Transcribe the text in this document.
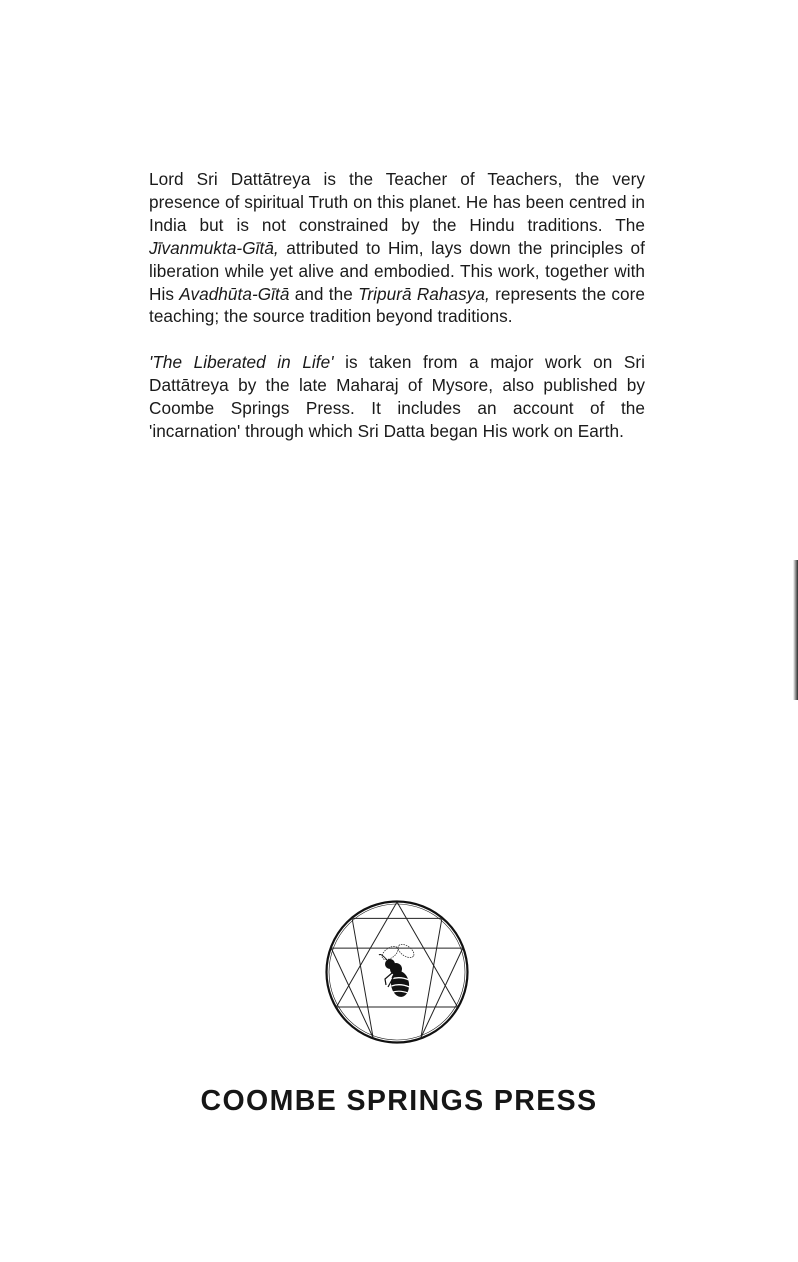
Lord Sri Dattātreya is the Teacher of Teachers, the very presence of spiritual Truth on this planet. He has been centred in India but is not constrained by the Hindu traditions. The Jīvanmukta-Gītā, attributed to Him, lays down the principles of liberation while yet alive and embodied. This work, together with His Avadhūta-Gītā and the Tripurā Rahasya, represents the core teaching; the source tradition beyond traditions.

'The Liberated in Life' is taken from a major work on Sri Dattātreya by the late Maharaj of Mysore, also published by Coombe Springs Press. It includes an account of the 'incarnation' through which Sri Datta began His work on Earth.

COOMBE SPRINGS PRESS
